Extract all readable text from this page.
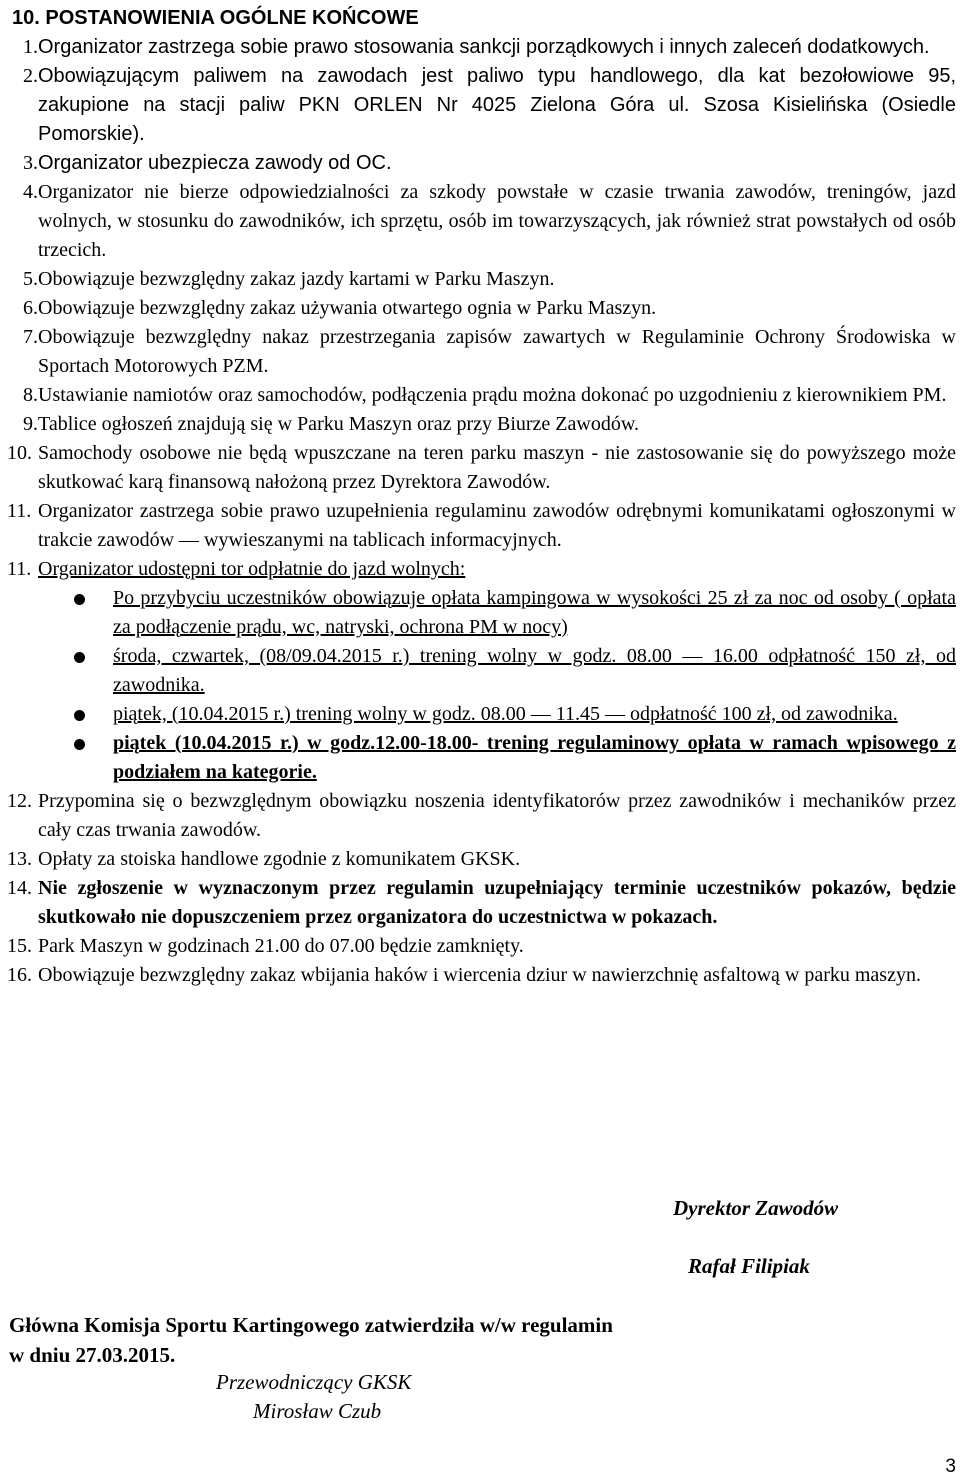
10. POSTANOWIENIA OGÓLNE KOŃCOWE
1. Organizator zastrzega sobie prawo stosowania sankcji porządkowych i innych zaleceń dodatkowych.
2. Obowiązującym paliwem na zawodach jest paliwo typu handlowego, dla kat bezołowiowe 95, zakupione na stacji paliw PKN ORLEN Nr 4025 Zielona Góra ul. Szosa Kisielińska (Osiedle Pomorskie).
3. Organizator ubezpiecza zawody od OC.
4. Organizator nie bierze odpowiedzialności za szkody powstałe w czasie trwania zawodów, treningów, jazd wolnych, w stosunku do zawodników, ich sprzętu, osób im towarzyszących, jak również strat powstałych od osób trzecich.
5. Obowiązuje bezwzględny zakaz jazdy kartami w Parku Maszyn.
6. Obowiązuje bezwzględny zakaz używania otwartego ognia w Parku Maszyn.
7. Obowiązuje bezwzględny nakaz przestrzegania zapisów zawartych w Regulaminie Ochrony Środowiska w Sportach Motorowych PZM.
8. Ustawianie namiotów oraz samochodów, podłączenia prądu można dokonać po uzgodnieniu z kierownikiem PM.
9. Tablice ogłoszeń znajdują się w Parku Maszyn oraz przy Biurze Zawodów.
10. Samochody osobowe nie będą wpuszczane na teren parku maszyn - nie zastosowanie się do powyższego może skutkować karą finansową nałożoną przez Dyrektora Zawodów.
11. Organizator zastrzega sobie prawo uzupełnienia regulaminu zawodów odrębnymi komunikatami ogłoszonymi w trakcie zawodów — wywieszanymi na tablicach informacyjnych.
11. Organizator udostępni tor odpłatnie do jazd wolnych:
Po przybyciu uczestników obowiązuje opłata kampingowa w wysokości 25 zł za noc od osoby ( opłata za podłączenie prądu, wc, natryski, ochrona PM w nocy)
środa, czwartek, (08/09.04.2015 r.) trening wolny w godz. 08.00 — 16.00 odpłatność 150 zł, od zawodnika.
piątek, (10.04.2015 r.) trening wolny w godz. 08.00 — 11.45 — odpłatność 100 zł, od zawodnika.
piątek (10.04.2015 r.) w godz.12.00-18.00- trening regulaminowy opłata w ramach wpisowego z podziałem na kategorie.
12. Przypomina się o bezwzględnym obowiązku noszenia identyfikatorów przez zawodników i mechaników przez cały czas trwania zawodów.
13. Opłaty za stoiska handlowe zgodnie z komunikatem GKSK.
14. Nie zgłoszenie w wyznaczonym przez regulamin uzupełniający terminie uczestników pokazów, będzie skutkowało nie dopuszczeniem przez organizatora do uczestnictwa w pokazach.
15. Park Maszyn w godzinach 21.00 do 07.00 będzie zamknięty.
16. Obowiązuje bezwzględny zakaz wbijania haków i wiercenia dziur w nawierzchnię asfaltową w parku maszyn.
Dyrektor Zawodów
Rafał Filipiak
Główna Komisja Sportu Kartingowego zatwierdziła w/w regulamin
w dniu 27.03.2015.
Przewodniczący GKSK
Mirosław Czub
3
